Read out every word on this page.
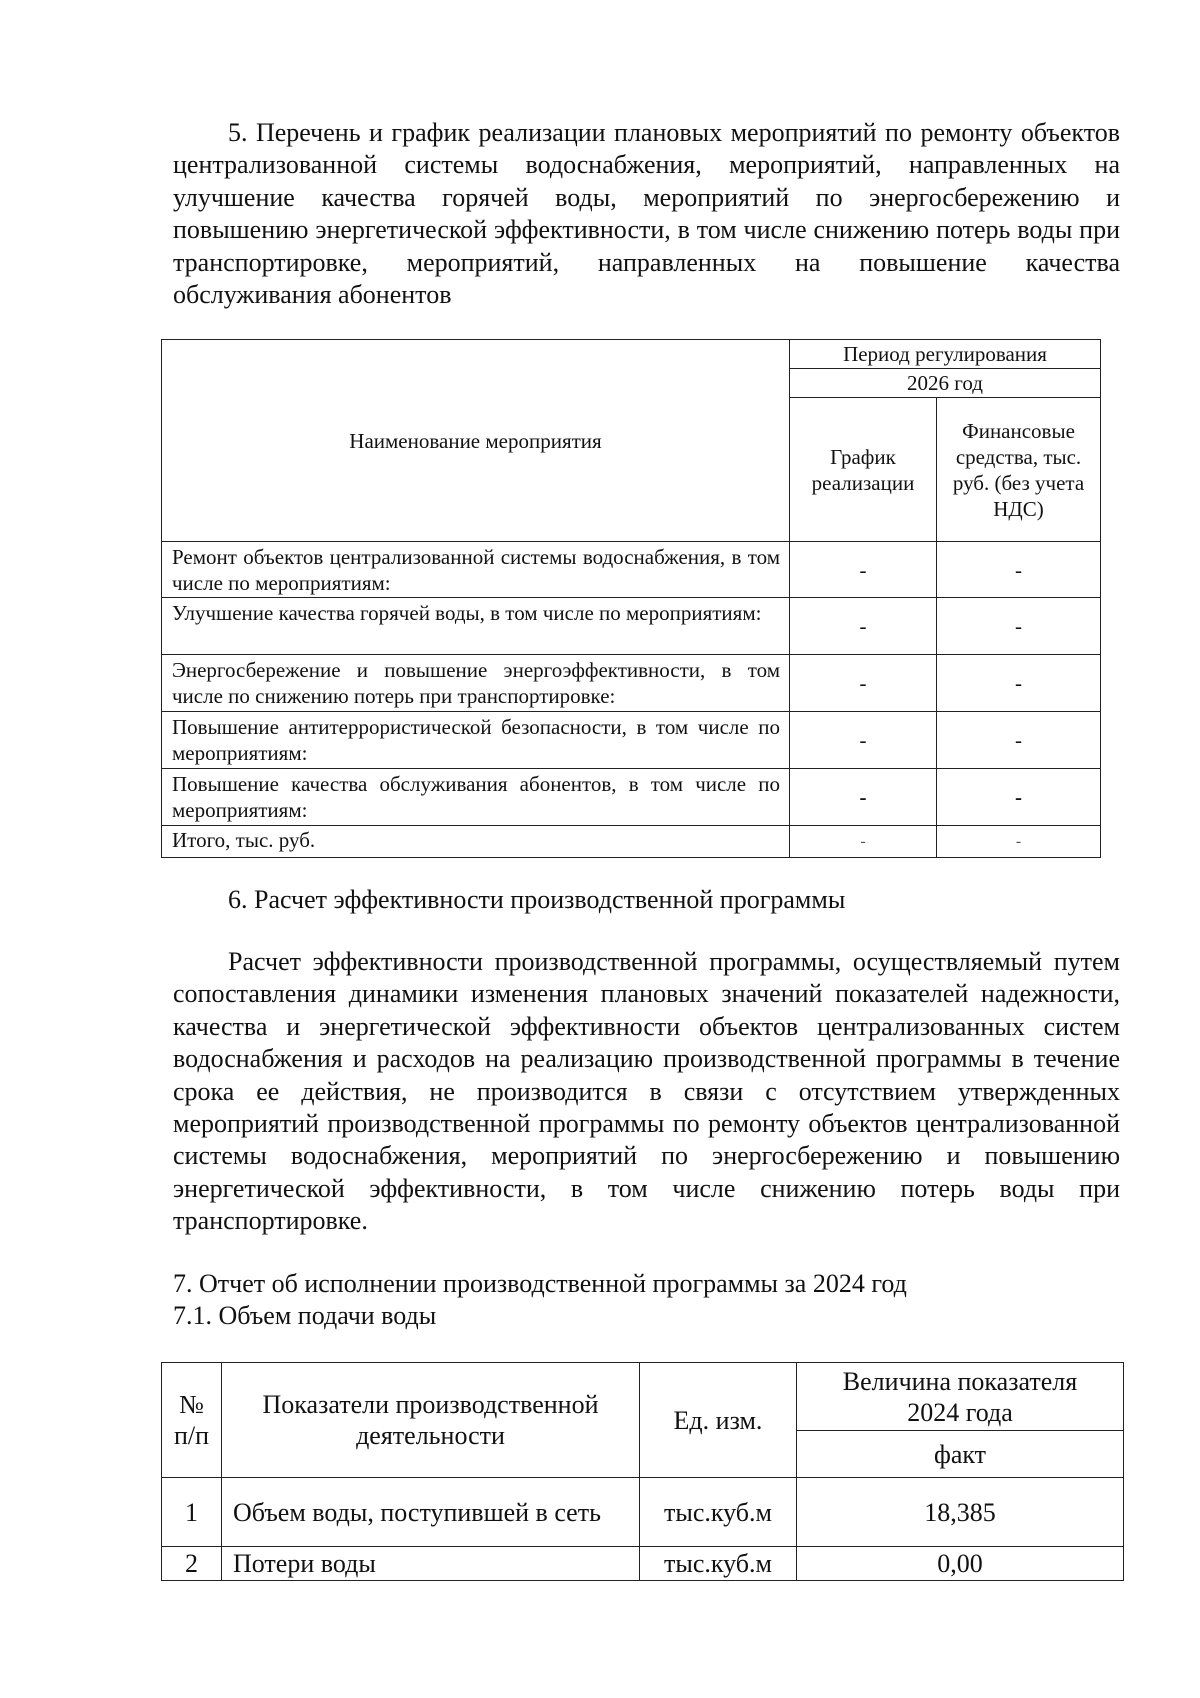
5. Перечень и график реализации плановых мероприятий по ремонту объектов централизованной системы водоснабжения, мероприятий, направленных на улучшение качества горячей воды, мероприятий по энергосбережению и повышению энергетической эффективности, в том числе снижению потерь воды при транспортировке, мероприятий, направленных на повышение качества обслуживания абонентов

Наименование мероприятия	Период регулирования	
	2026 год	
	График реализации	Финансовые средства, тыс. руб. (без учета НДС)
Ремонт объектов централизованной системы водоснабжения, в том числе по мероприятиям:	-	-
Улучшение качества горячей воды, в том числе по мероприятиям:	-	-
Энергосбережение и повышение энергоэффективности, в том числе по снижению потерь при транспортировке:	-	-
Повышение антитеррористической безопасности, в том числе по мероприятиям:	-	-
Повышение качества обслуживания абонентов, в том числе по мероприятиям:	-	-
Итого, тыс. руб.	-	-

6. Расчет эффективности производственной программы

Расчет эффективности производственной программы, осуществляемый путем сопоставления динамики изменения плановых значений показателей надежности, качества и энергетической эффективности объектов централизованных систем водоснабжения и расходов на реализацию производственной программы в течение срока ее действия, не производится в связи с отсутствием утвержденных мероприятий производственной программы по ремонту объектов централизованной системы водоснабжения, мероприятий по энергосбережению и повышению энергетической эффективности, в том числе снижению потерь воды при транспортировке.

7. Отчет об исполнении производственной программы за 2024 год

7.1. Объем подачи воды

№ п/п	Показатели производственной деятельности	Ед. изм.	Величина показателя 2024 года
			факт
1	Объем воды, поступившей в сеть	тыс.куб.м	18,385
2	Потери воды	тыс.куб.м	0,00
